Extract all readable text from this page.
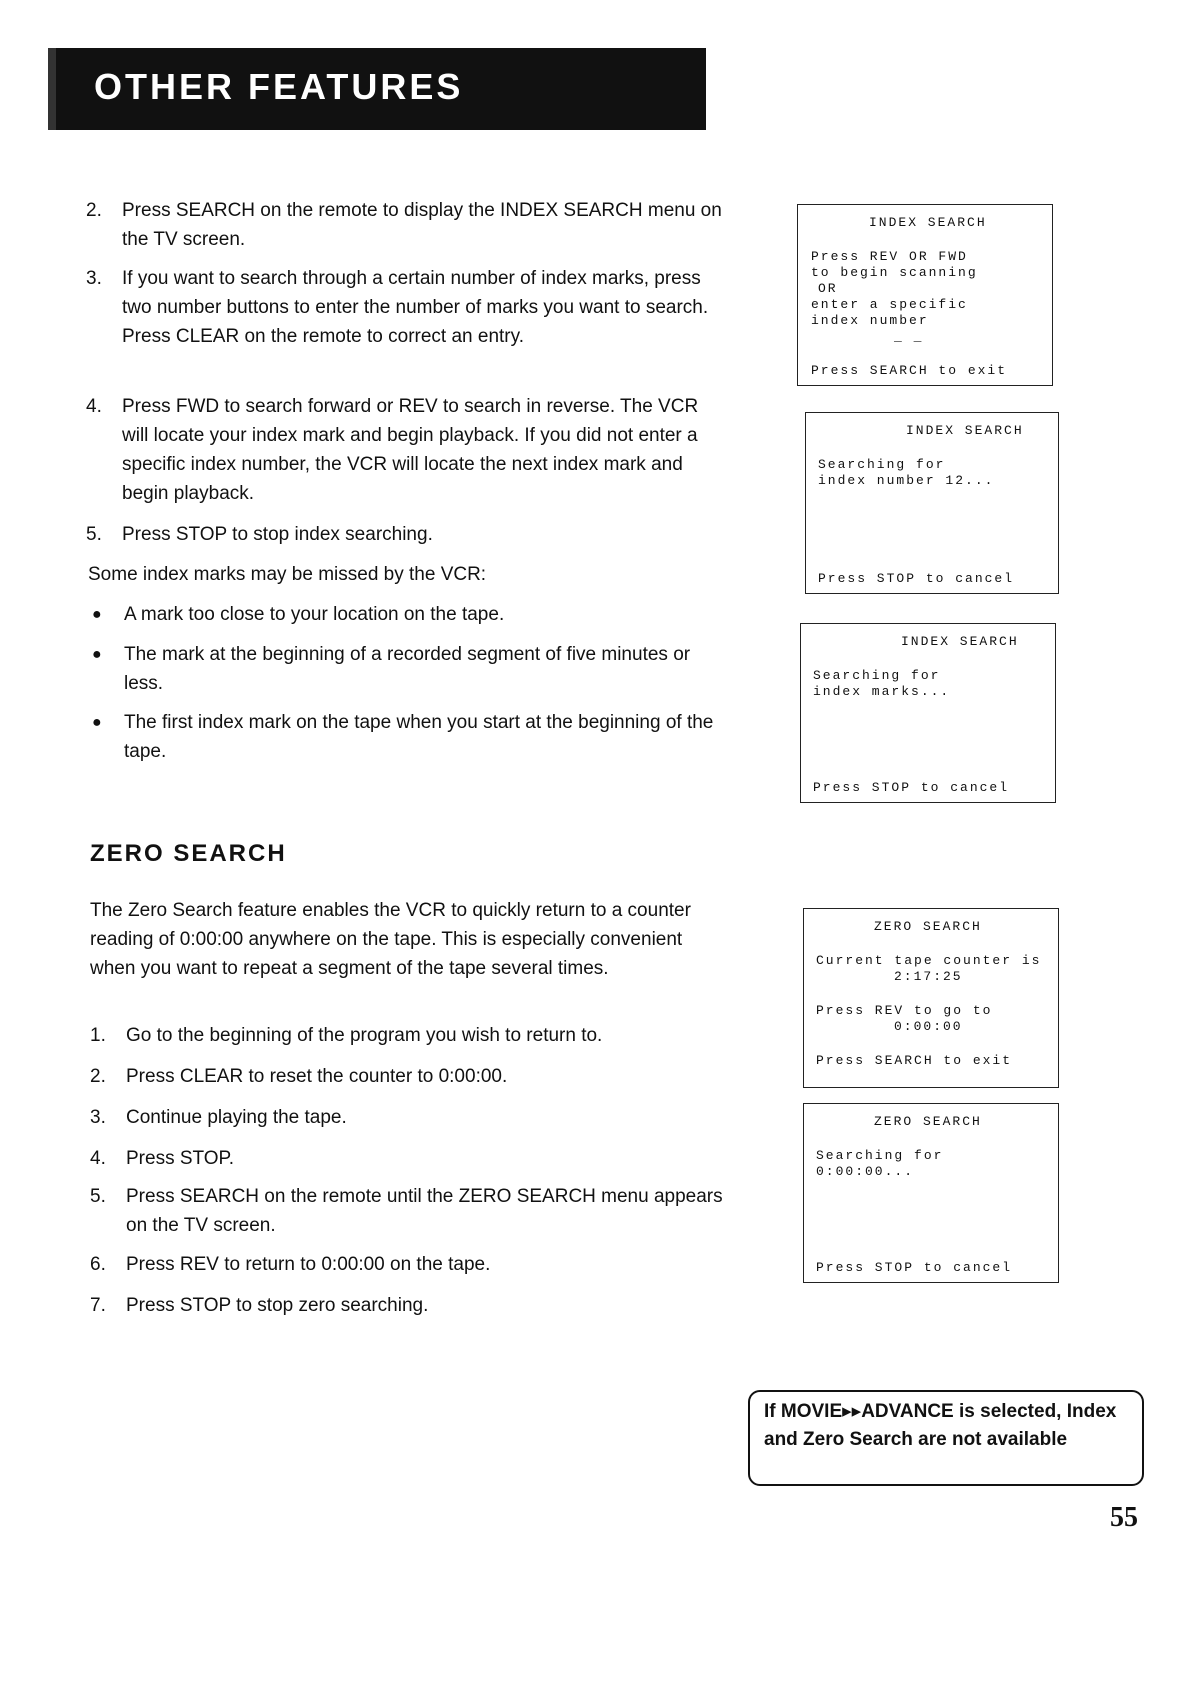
OTHER FEATURES
2. Press SEARCH on the remote to display the INDEX SEARCH menu on the TV screen.
3. If you want to search through a certain number of index marks, press two number buttons to enter the number of marks you want to search. Press CLEAR on the remote to correct an entry.
4. Press FWD to search forward or REV to search in reverse. The VCR will locate your index mark and begin playback. If you did not enter a specific index number, the VCR will locate the next index mark and begin playback.
5. Press STOP to stop index searching.
Some index marks may be missed by the VCR:
● A mark too close to your location on the tape.
● The mark at the beginning of a recorded segment of five minutes or less.
● The first index mark on the tape when you start at the beginning of the tape.
ZERO SEARCH
The Zero Search feature enables the VCR to quickly return to a counter reading of 0:00:00 anywhere on the tape. This is especially convenient when you want to repeat a segment of the tape several times.
1. Go to the beginning of the program you wish to return to.
2. Press CLEAR to reset the counter to 0:00:00.
3. Continue playing the tape.
4. Press STOP.
5. Press SEARCH on the remote until the ZERO SEARCH menu appears on the TV screen.
6. Press REV to return to 0:00:00 on the tape.
7. Press STOP to stop zero searching.
INDEX SEARCH
Press REV OR FWD
to begin scanning
OR
enter a specific
index number
_ _
Press SEARCH to exit
INDEX SEARCH
Searching for
index number 12...
Press STOP to cancel
INDEX SEARCH
Searching for
index marks...
Press STOP to cancel
ZERO SEARCH
Current tape counter is
2:17:25
Press REV to go to
0:00:00
Press SEARCH to exit
ZERO SEARCH
Searching for
0:00:00...
Press STOP to cancel
If MOVIE▸▸ADVANCE is selected, Index and Zero Search are not available
55
